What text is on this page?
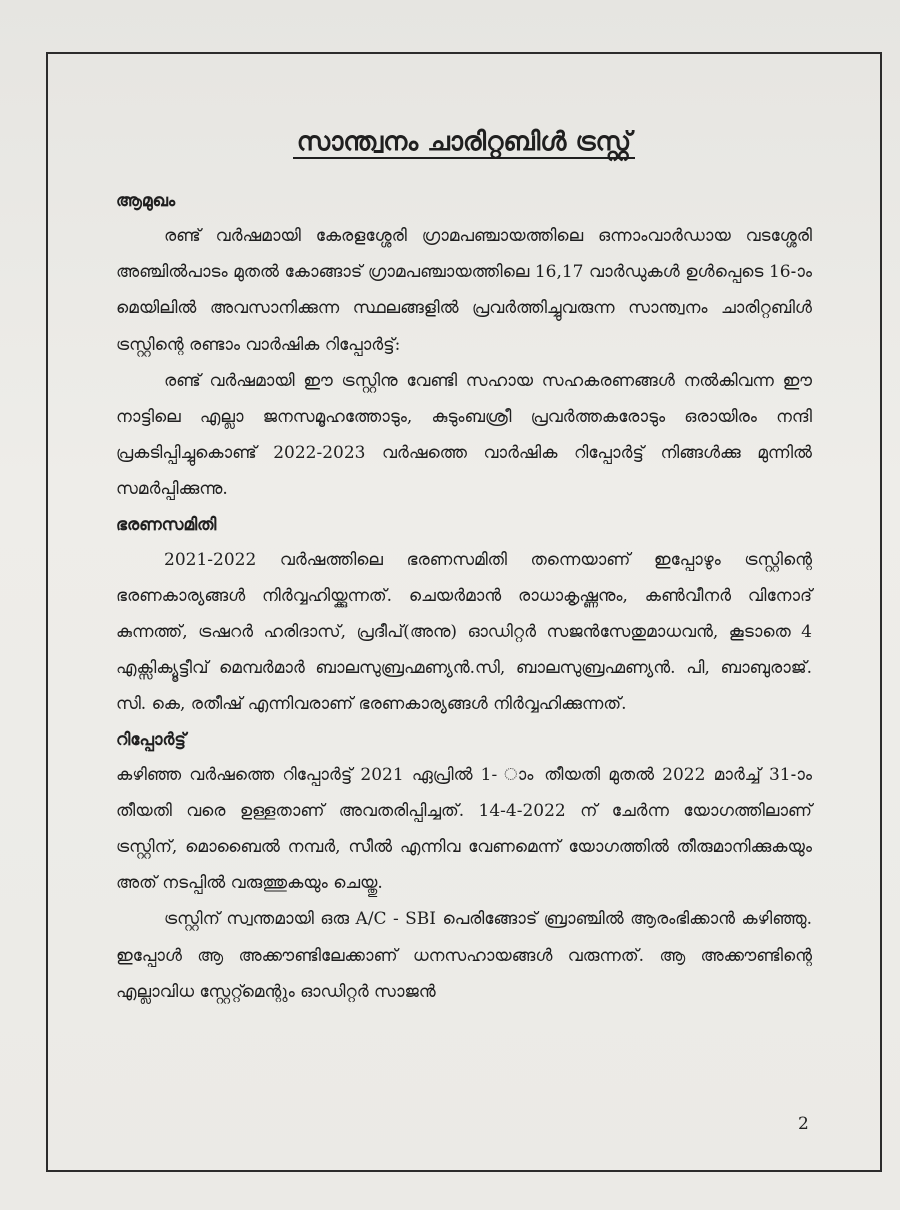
സാന്ത്വനം ചാരിറ്റബിൾ ട്രസ്റ്റ്

ആമുഖം

രണ്ട് വർഷമായി കേരളശ്ശേരി ഗ്രാമപഞ്ചായത്തിലെ ഒന്നാംവാർഡായ വടശ്ശേരി അഞ്ചിൽപാടം മുതൽ കോങ്ങാട് ഗ്രാമപഞ്ചായത്തിലെ 16,17 വാർഡുകൾ ഉൾപ്പെടെ 16-ാം മെയിലിൽ അവസാനിക്കുന്ന സ്ഥലങ്ങളിൽ പ്രവർത്തിച്ചുവരുന്ന സാന്ത്വനം ചാരിറ്റബിൾ ട്രസ്റ്റിന്റെ രണ്ടാം വാർഷിക റിപ്പോർട്ട്:

രണ്ട് വർഷമായി ഈ ട്രസ്റ്റിനു വേണ്ടി സഹായ സഹകരണങ്ങൾ നൽകിവന്ന ഈ നാട്ടിലെ എല്ലാ ജനസമൂഹത്തോടും, കുടുംബശ്രീ പ്രവർത്തകരോടും ഒരായിരം നന്ദി പ്രകടിപ്പിച്ചുകൊണ്ട് 2022-2023 വർഷത്തെ വാർഷിക റിപ്പോർട്ട് നിങ്ങൾക്കു മുന്നിൽ സമർപ്പിക്കുന്നു.

ഭരണസമിതി

2021-2022 വർഷത്തിലെ ഭരണസമിതി തന്നെയാണ് ഇപ്പോഴും ട്രസ്റ്റിന്റെ ഭരണകാര്യങ്ങൾ നിർവ്വഹിയ്ക്കുന്നത്. ചെയർമാൻ രാധാകൃഷ്ണനും, കൺവീനർ വിനോദ് കുന്നത്ത്, ട്രഷറർ ഹരിദാസ്, പ്രദീപ്(അനു) ഓഡിറ്റർ സജൻസേതുമാധവൻ, കൂടാതെ 4 എക്സിക്യൂട്ടീവ് മെമ്പർമാർ ബാലസുബ്രഹ്മണ്യൻ.സി, ബാലസുബ്രഹ്മണ്യൻ. പി, ബാബുരാജ്. സി. കെ, രതീഷ് എന്നിവരാണ് ഭരണകാര്യങ്ങൾ നിർവ്വഹിക്കുന്നത്.

റിപ്പോർട്ട്

കഴിഞ്ഞ വർഷത്തെ റിപ്പോർട്ട് 2021 ഏപ്രിൽ 1- ാം തീയതി മുതൽ 2022 മാർച്ച് 31-ാം തീയതി വരെ ഉള്ളതാണ് അവതരിപ്പിച്ചത്. 14-4-2022 ന് ചേർന്ന യോഗത്തിലാണ് ട്രസ്റ്റിന്, മൊബൈൽ നമ്പർ, സീൽ എന്നിവ വേണമെന്ന് യോഗത്തിൽ തീരുമാനിക്കുകയും അത് നടപ്പിൽ വരുത്തുകയും ചെയ്തു.

ട്രസ്റ്റിന് സ്വന്തമായി ഒരു A/C - SBI പെരിങ്ങോട് ബ്രാഞ്ചിൽ ആരംഭിക്കാൻ കഴിഞ്ഞു. ഇപ്പോൾ ആ അക്കൗണ്ടിലേക്കാണ് ധനസഹായങ്ങൾ വരുന്നത്. ആ അക്കൗണ്ടിന്റെ എല്ലാവിധ സ്റ്റേറ്റ്മെന്റും ഓഡിറ്റർ സാജൻ

2
